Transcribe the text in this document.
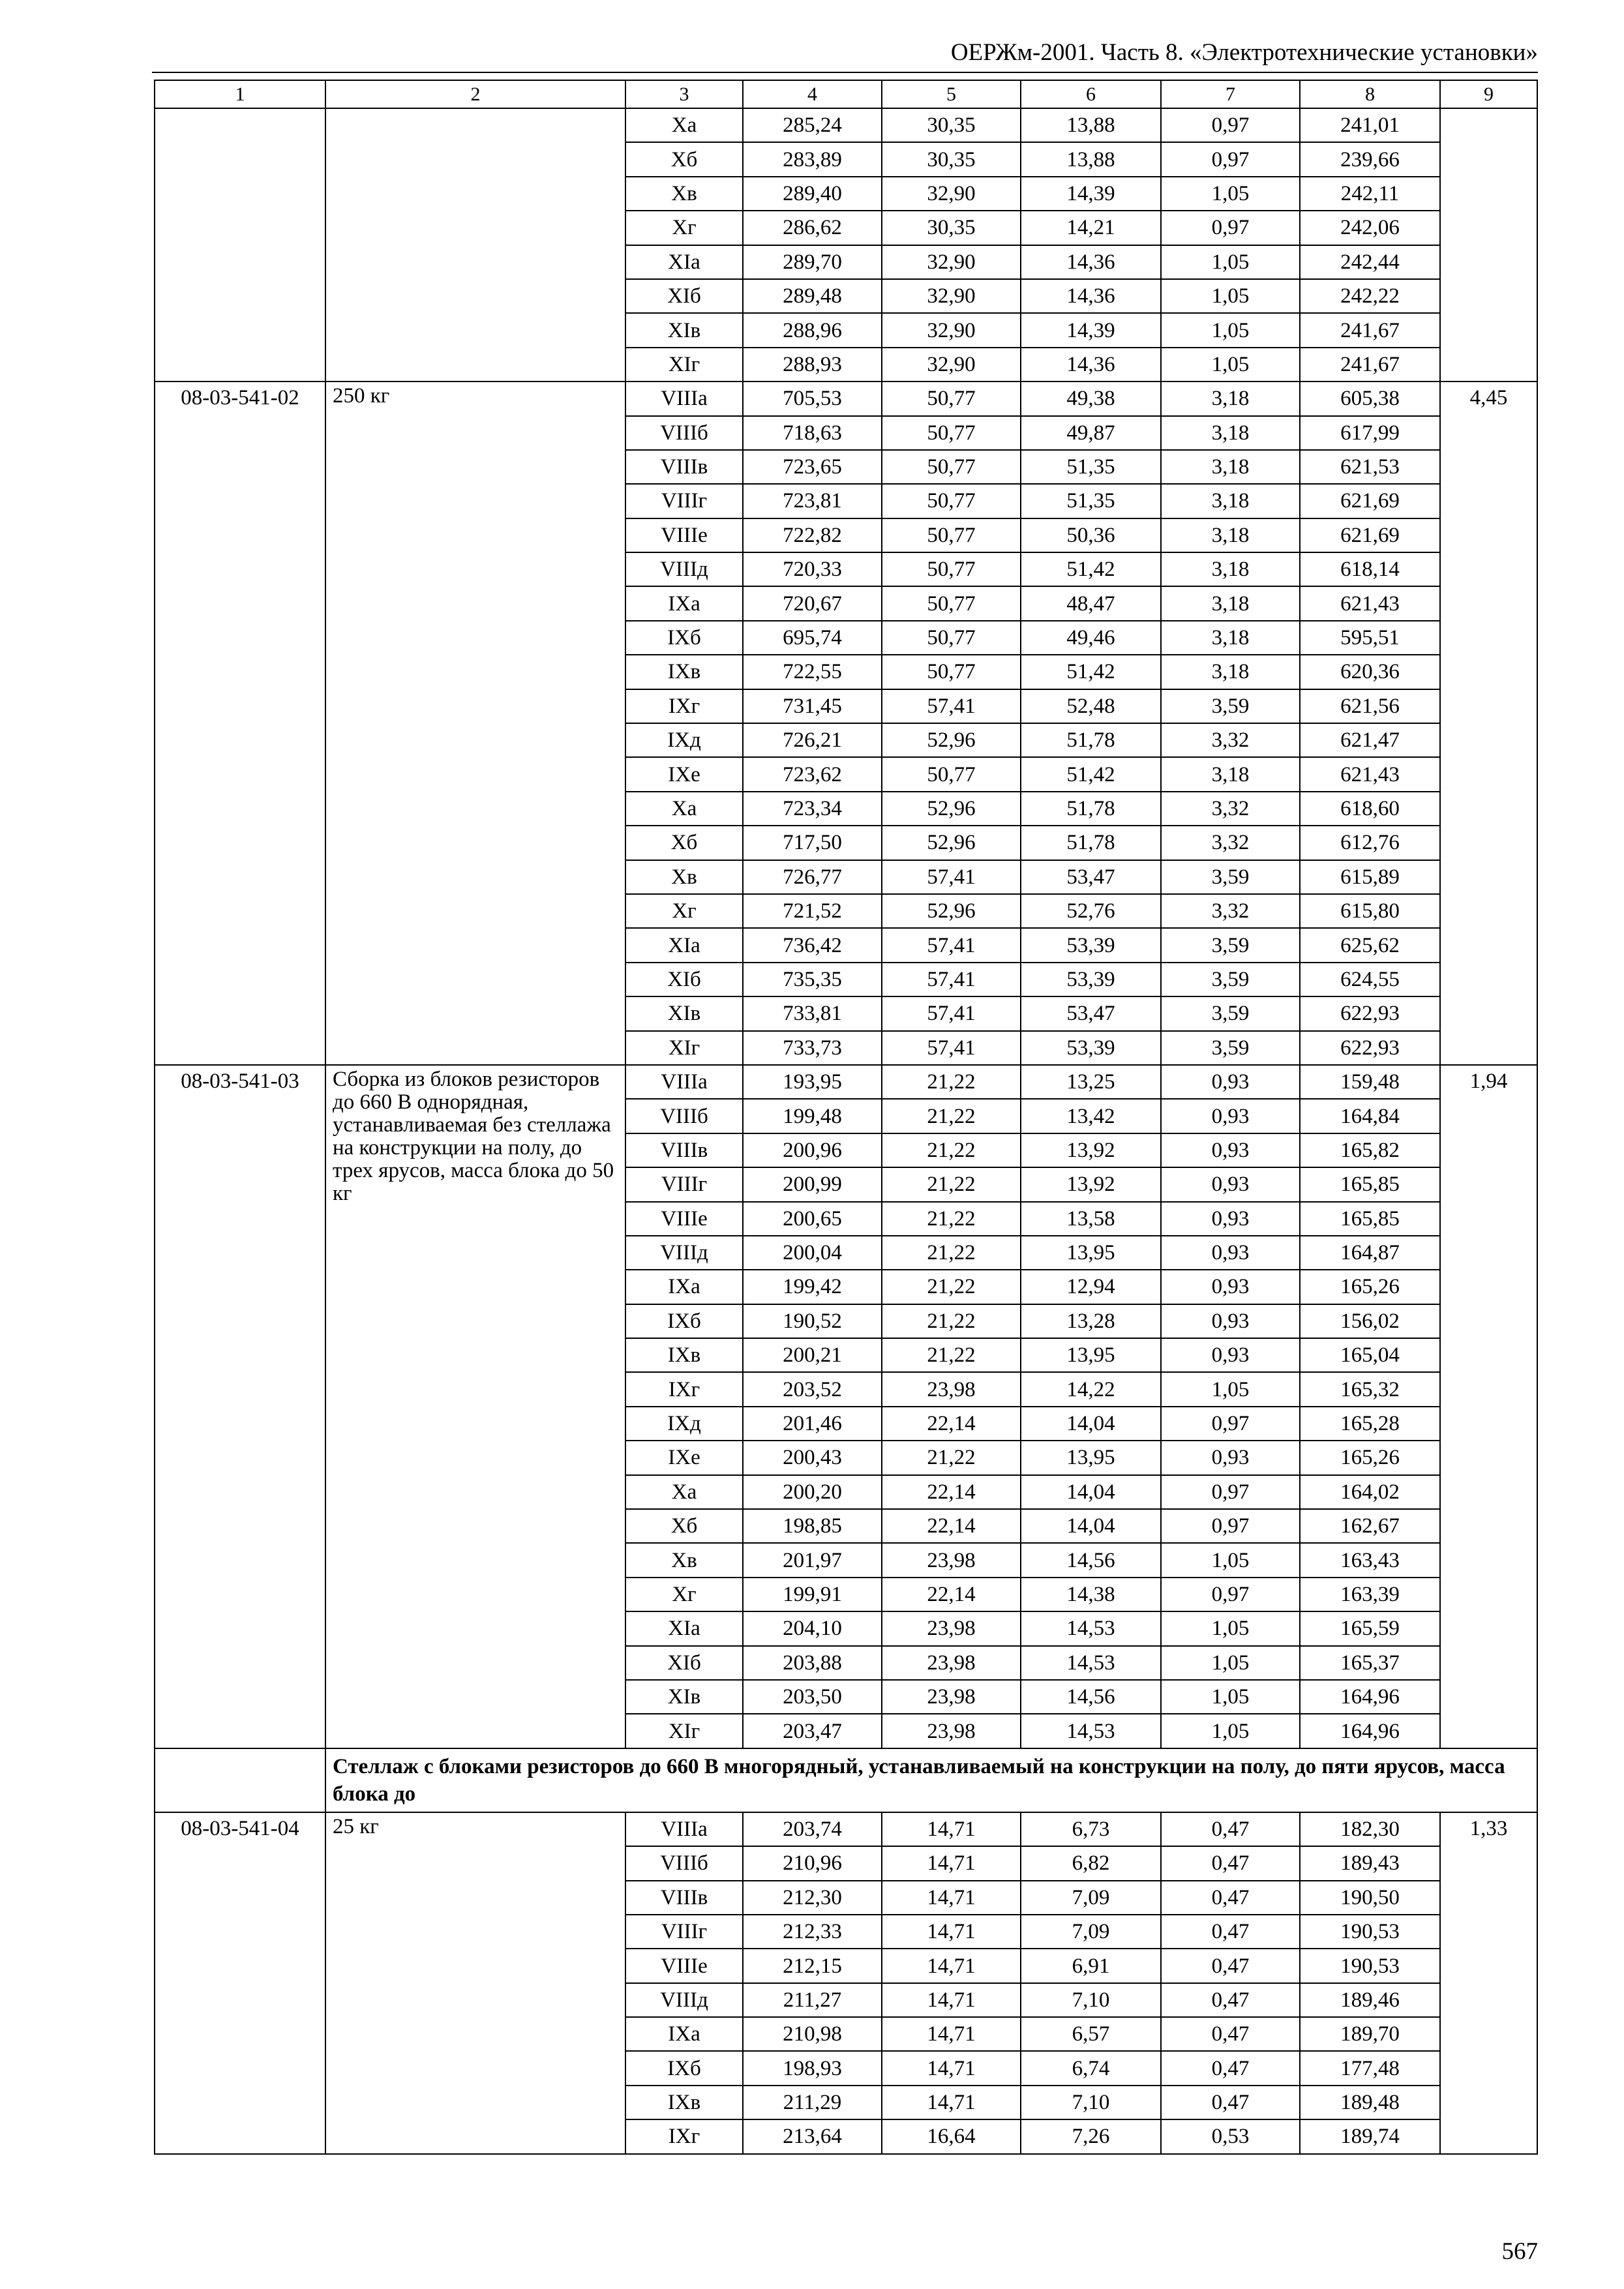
ОЕРЖм-2001. Часть 8. «Электротехнические установки»
1	2	3	4	5	6	7	8	9
		Xa	285,24	30,35	13,88	0,97	241,01	
		Xб	283,89	30,35	13,88	0,97	239,66	
		Xв	289,40	32,90	14,39	1,05	242,11	
		Xг	286,62	30,35	14,21	0,97	242,06	
		XIa	289,70	32,90	14,36	1,05	242,44	
		XIб	289,48	32,90	14,36	1,05	242,22	
		XIв	288,96	32,90	14,39	1,05	241,67	
		XIг	288,93	32,90	14,36	1,05	241,67	
08-03-541-02	250 кг	VIIIa	705,53	50,77	49,38	3,18	605,38	4,45
		VIIIб	718,63	50,77	49,87	3,18	617,99	
		VIIIв	723,65	50,77	51,35	3,18	621,53	
		VIIIг	723,81	50,77	51,35	3,18	621,69	
		VIIIе	722,82	50,77	50,36	3,18	621,69	
		VIIIд	720,33	50,77	51,42	3,18	618,14	
		IXa	720,67	50,77	48,47	3,18	621,43	
		IXб	695,74	50,77	49,46	3,18	595,51	
		IXв	722,55	50,77	51,42	3,18	620,36	
		IXг	731,45	57,41	52,48	3,59	621,56	
		IXд	726,21	52,96	51,78	3,32	621,47	
		IXе	723,62	50,77	51,42	3,18	621,43	
		Xa	723,34	52,96	51,78	3,32	618,60	
		Xб	717,50	52,96	51,78	3,32	612,76	
		Xв	726,77	57,41	53,47	3,59	615,89	
		Xг	721,52	52,96	52,76	3,32	615,80	
		XIa	736,42	57,41	53,39	3,59	625,62	
		XIб	735,35	57,41	53,39	3,59	624,55	
		XIв	733,81	57,41	53,47	3,59	622,93	
		XIг	733,73	57,41	53,39	3,59	622,93	
08-03-541-03	Сборка из блоков резисторов до 660 В однорядная, устанавливаемая без стеллажа на конструкции на полу, до трех ярусов, масса блока до 50 кг	VIIIa	193,95	21,22	13,25	0,93	159,48	1,94
		VIIIб	199,48	21,22	13,42	0,93	164,84	
		VIIIв	200,96	21,22	13,92	0,93	165,82	
		VIIIг	200,99	21,22	13,92	0,93	165,85	
		VIIIе	200,65	21,22	13,58	0,93	165,85	
		VIIIд	200,04	21,22	13,95	0,93	164,87	
		IXa	199,42	21,22	12,94	0,93	165,26	
		IXб	190,52	21,22	13,28	0,93	156,02	
		IXв	200,21	21,22	13,95	0,93	165,04	
		IXг	203,52	23,98	14,22	1,05	165,32	
		IXд	201,46	22,14	14,04	0,97	165,28	
		IXе	200,43	21,22	13,95	0,93	165,26	
		Xa	200,20	22,14	14,04	0,97	164,02	
		Xб	198,85	22,14	14,04	0,97	162,67	
		Xв	201,97	23,98	14,56	1,05	163,43	
		Xг	199,91	22,14	14,38	0,97	163,39	
		XIa	204,10	23,98	14,53	1,05	165,59	
		XIб	203,88	23,98	14,53	1,05	165,37	
		XIв	203,50	23,98	14,56	1,05	164,96	
		XIг	203,47	23,98	14,53	1,05	164,96	
	Стеллаж с блоками резисторов до 660 В многорядный, устанавливаемый на конструкции на полу, до пяти ярусов, масса блока до							
08-03-541-04	25 кг	VIIIa	203,74	14,71	6,73	0,47	182,30	1,33
		VIIIб	210,96	14,71	6,82	0,47	189,43	
		VIIIв	212,30	14,71	7,09	0,47	190,50	
		VIIIг	212,33	14,71	7,09	0,47	190,53	
		VIIIе	212,15	14,71	6,91	0,47	190,53	
		VIIIд	211,27	14,71	7,10	0,47	189,46	
		IXa	210,98	14,71	6,57	0,47	189,70	
		IXб	198,93	14,71	6,74	0,47	177,48	
		IXв	211,29	14,71	7,10	0,47	189,48	
		IXг	213,64	16,64	7,26	0,53	189,74	
567
